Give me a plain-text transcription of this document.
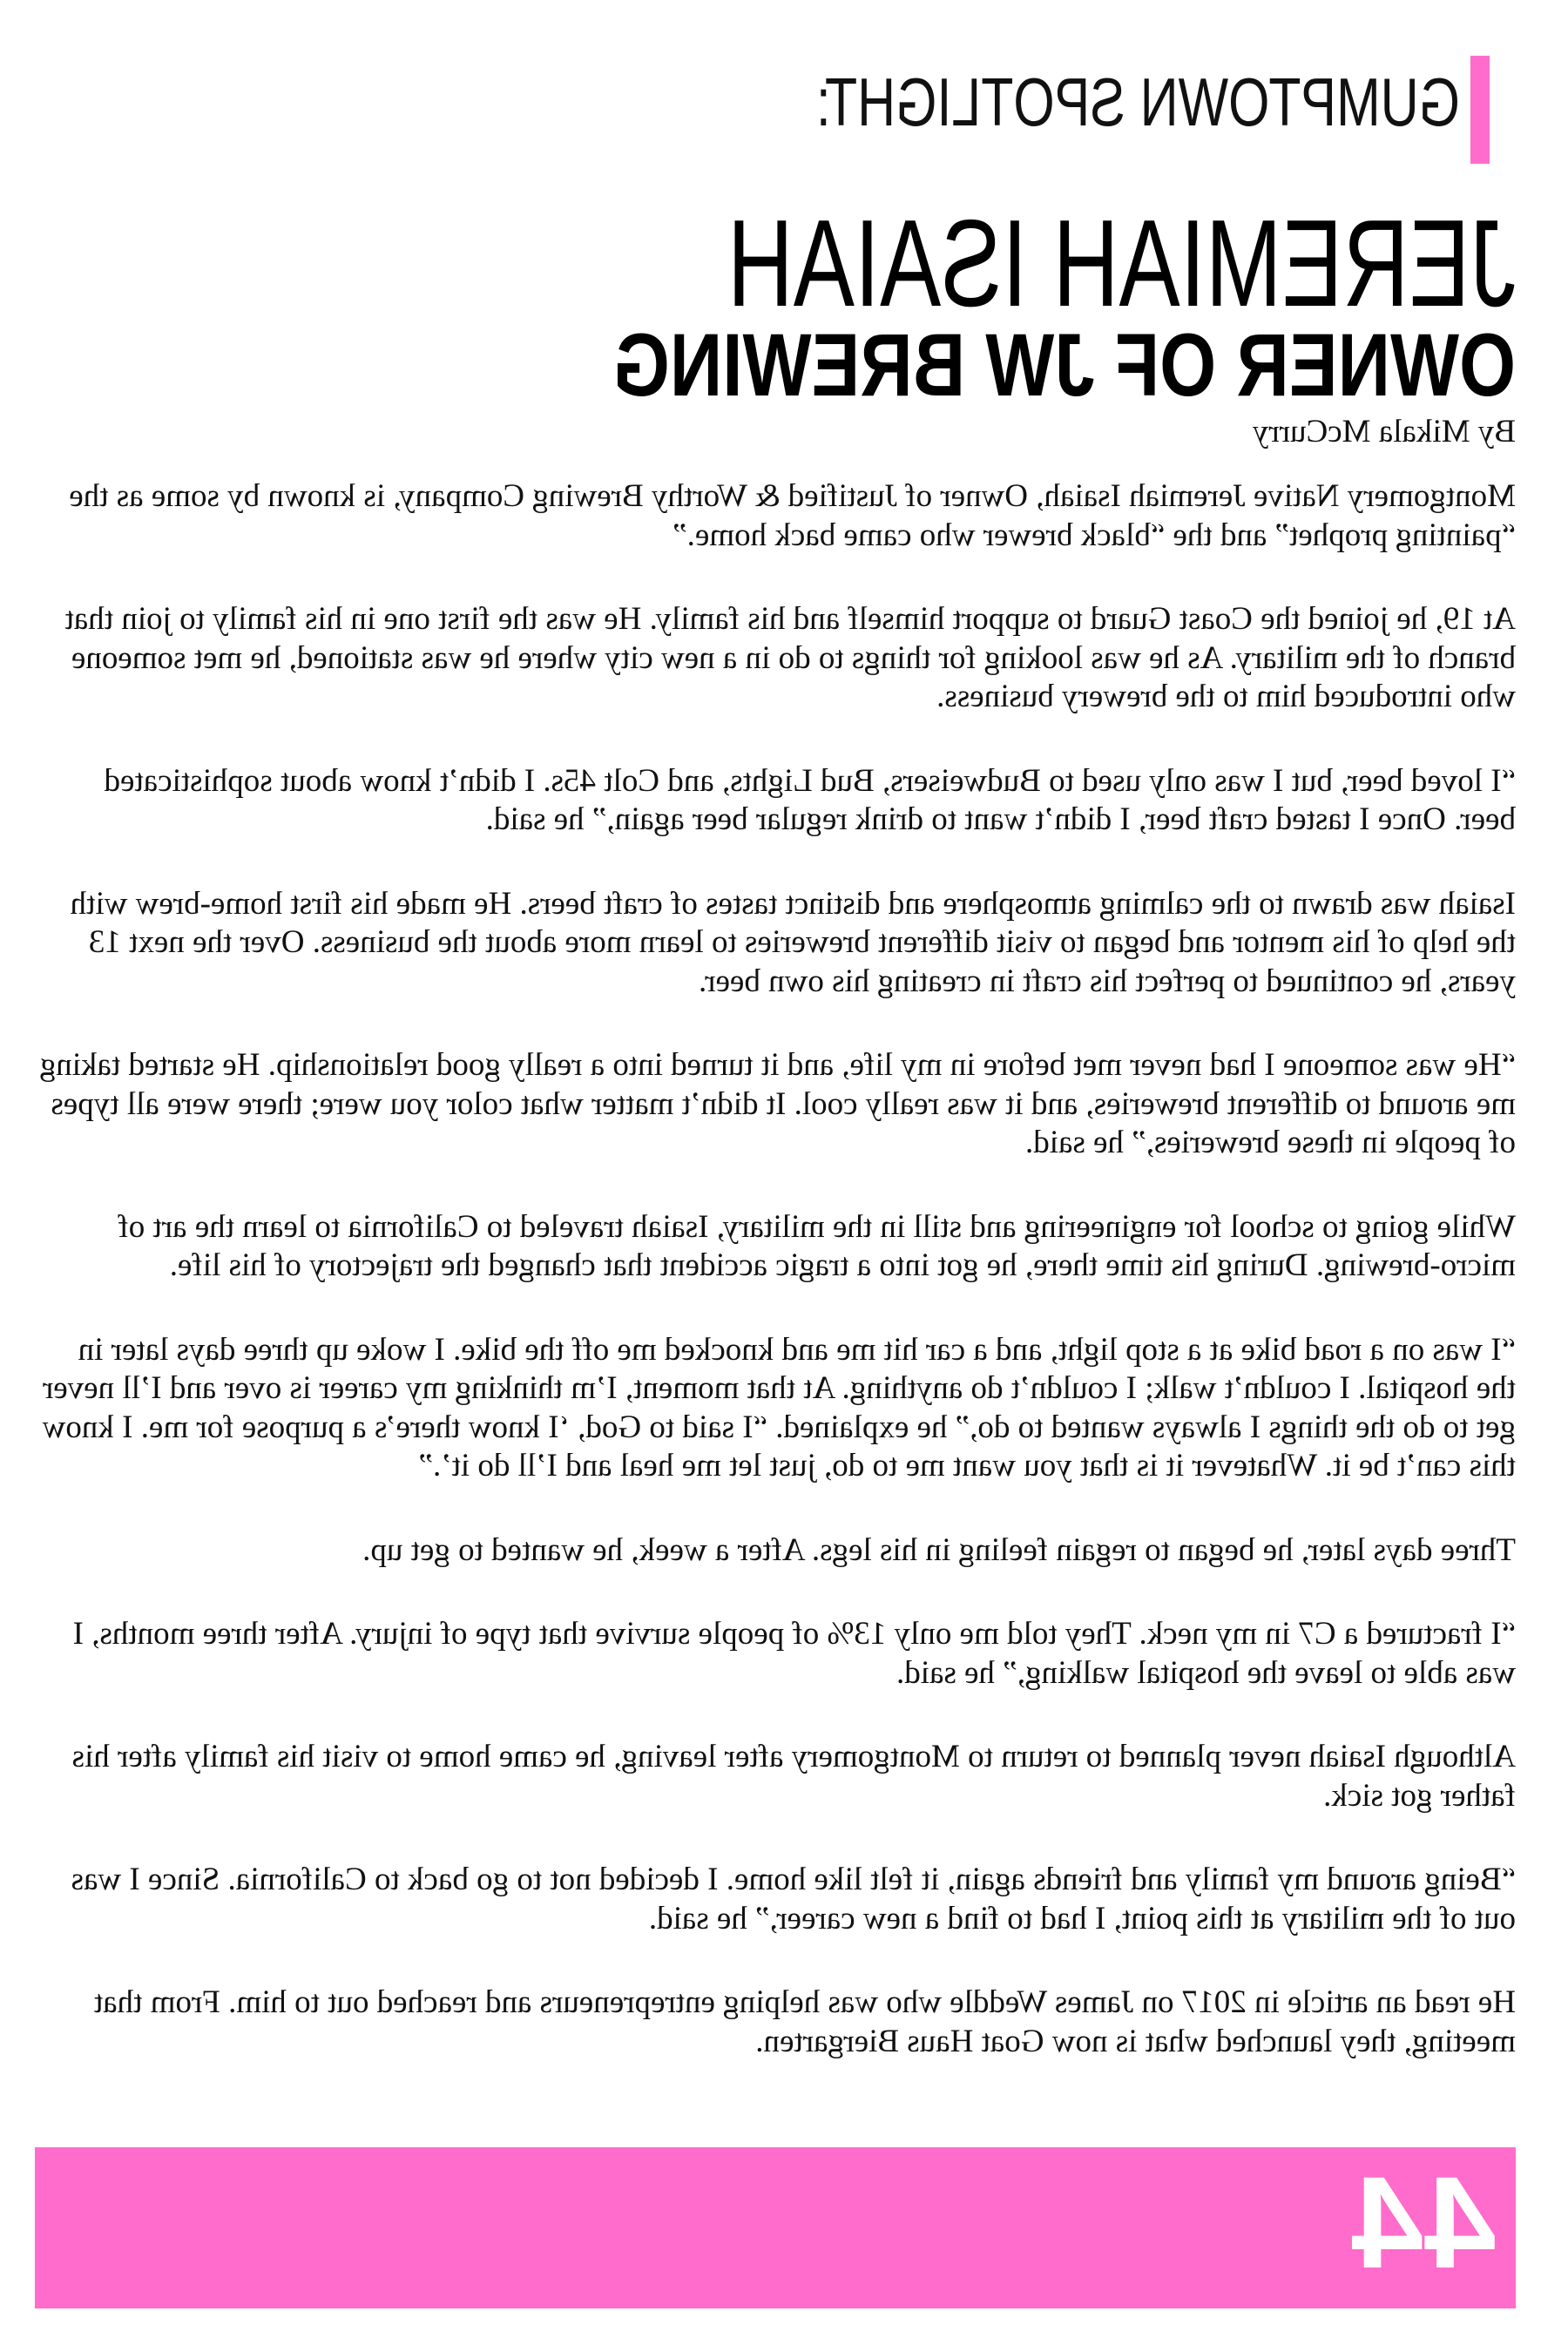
GUMPTOWN SPOTLIGHT:
JEREMIAH ISAIAH
OWNER OF JW BREWING
By Mikala McCurry

Montgomery Native Jeremiah Isaiah, Owner of Justified & Worthy Brewing Company, is known by some as the “painting prophet” and the “black brewer who came back home.”

At 19, he joined the Coast Guard to support himself and his family. He was the first one in his family to join that branch of the military. As he was looking for things to do in a new city where he was stationed, he met someone who introduced him to the brewery business.

“I loved beer, but I was only used to Budweisers, Bud Lights, and Colt 45s. I didn’t know about sophisticated beer. Once I tasted craft beer, I didn’t want to drink regular beer again,” he said.

Isaiah was drawn to the calming atmosphere and distinct tastes of craft beers. He made his first home-brew with the help of his mentor and began to visit different breweries to learn more about the business. Over the next 13 years, he continued to perfect his craft in creating his own beer.

“He was someone I had never met before in my life, and it turned into a really good relationship. He started taking me around to different breweries, and it was really cool. It didn’t matter what color you were; there were all types of people in these breweries,” he said.

While going to school for engineering and still in the military, Isaiah traveled to California to learn the art of micro-brewing. During his time there, he got into a tragic accident that changed the trajectory of his life.

“I was on a road bike at a stop light, and a car hit me and knocked me off the bike. I woke up three days later in the hospital. I couldn’t walk; I couldn’t do anything. At that moment, I’m thinking my career is over and I’ll never get to do the things I always wanted to do,” he explained. “I said to God, ‘I know there’s a purpose for me. I know this can’t be it. Whatever it is that you want me to do, just let me heal and I’ll do it’.”

Three days later, he began to regain feeling in his legs. After a week, he wanted to get up.

“I fractured a C7 in my neck. They told me only 13% of people survive that type of injury. After three months, I was able to leave the hospital walking,” he said.

Although Isaiah never planned to return to Montgomery after leaving, he came home to visit his family after his father got sick.

“Being around my family and friends again, it felt like home. I decided not to go back to California. Since I was out of the military at this point, I had to find a new career,” he said.

He read an article in 2017 on James Weddle who was helping entrepreneurs and reached out to him. From that meeting, they launched what is now Goat Haus Biergarten.

44
